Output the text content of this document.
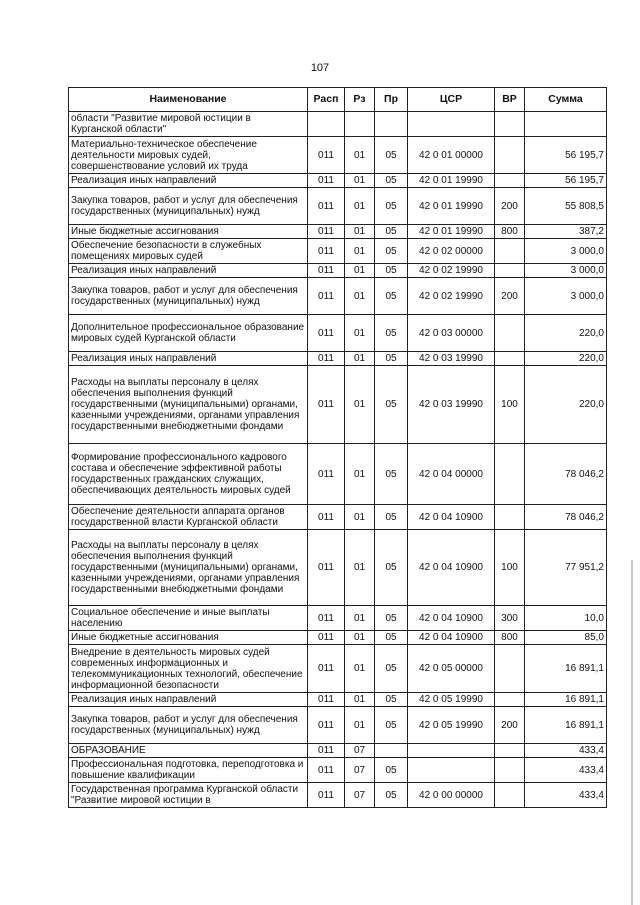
107
Наименование	Расп	Рз	Пр	ЦСР	ВР	Сумма
области "Развитие мировой юстиции в Курганской области"						
Материально-техническое обеспечение деятельности мировых судей, совершенствование условий их труда	011	01	05	42 0 01 00000		56 195,7
Реализация иных направлений	011	01	05	42 0 01 19990		56 195,7
Закупка товаров, работ и услуг для обеспечения государственных (муниципальных) нужд	011	01	05	42 0 01 19990	200	55 808,5
Иные бюджетные ассигнования	011	01	05	42 0 01 19990	800	387,2
Обеспечение безопасности в служебных помещениях мировых судей	011	01	05	42 0 02 00000		3 000,0
Реализация иных направлений	011	01	05	42 0 02 19990		3 000,0
Закупка товаров, работ и услуг для обеспечения государственных (муниципальных) нужд	011	01	05	42 0 02 19990	200	3 000,0
Дополнительное профессиональное образование мировых судей Курганской области	011	01	05	42 0 03 00000		220,0
Реализация иных направлений	011	01	05	42 0 03 19990		220,0
Расходы на выплаты персоналу в целях обеспечения выполнения функций государственными (муниципальными) органами, казенными учреждениями, органами управления государственными внебюджетными фондами	011	01	05	42 0 03 19990	100	220,0
Формирование профессионального кадрового состава и обеспечение эффективной работы государственных гражданских служащих, обеспечивающих деятельность мировых судей	011	01	05	42 0 04 00000		78 046,2
Обеспечение деятельности аппарата органов государственной власти Курганской области	011	01	05	42 0 04 10900		78 046,2
Расходы на выплаты персоналу в целях обеспечения выполнения функций государственными (муниципальными) органами, казенными учреждениями, органами управления государственными внебюджетными фондами	011	01	05	42 0 04 10900	100	77 951,2
Социальное обеспечение и иные выплаты населению	011	01	05	42 0 04 10900	300	10,0
Иные бюджетные ассигнования	011	01	05	42 0 04 10900	800	85,0
Внедрение в деятельность мировых судей современных информационных и телекоммуникационных технологий, обеспечение информационной безопасности	011	01	05	42 0 05 00000		16 891,1
Реализация иных направлений	011	01	05	42 0 05 19990		16 891,1
Закупка товаров, работ и услуг для обеспечения государственных (муниципальных) нужд	011	01	05	42 0 05 19990	200	16 891,1
ОБРАЗОВАНИЕ	011	07				433,4
Профессиональная подготовка, переподготовка и повышение квалификации	011	07	05			433,4
Государственная программа Курганской области "Развитие мировой юстиции в	011	07	05	42 0 00 00000		433,4
